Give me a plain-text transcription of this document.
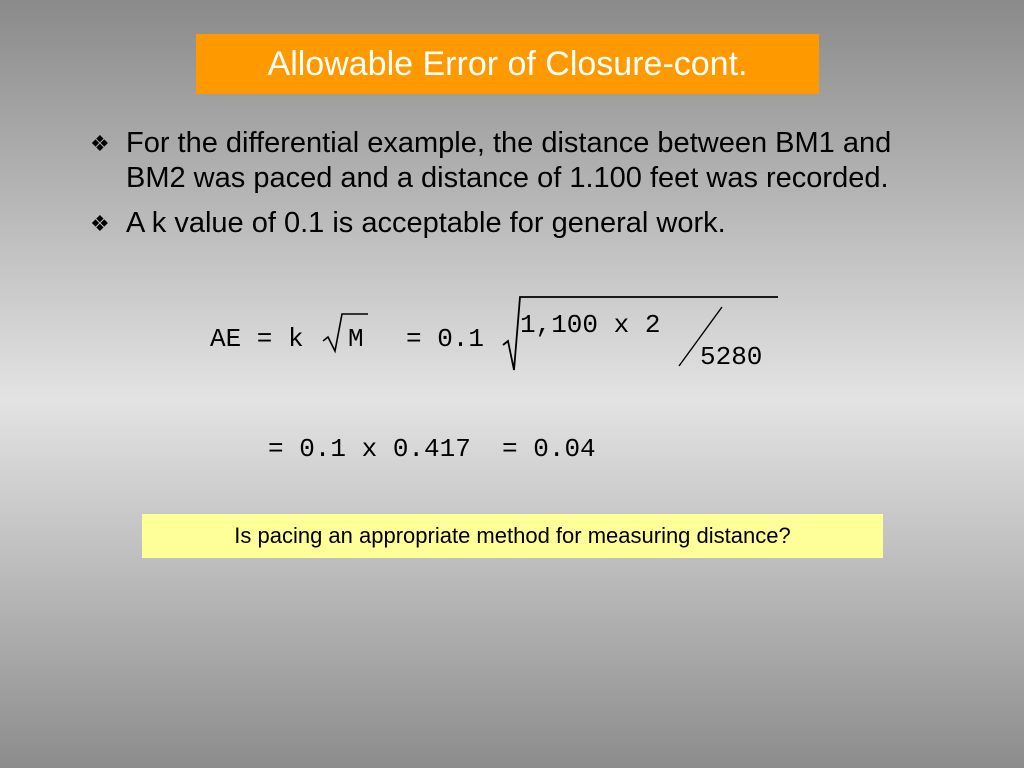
Allowable Error of Closure-cont.
❖ For the differential example, the distance between BM1 and BM2 was paced and a distance of 1.100 feet was recorded.
❖ A k value of 0.1 is acceptable for general work.
AE = k M = 0.1 1,100 x 2
5280
= 0.1 x 0.417  = 0.04
Is pacing an appropriate method for measuring distance?
